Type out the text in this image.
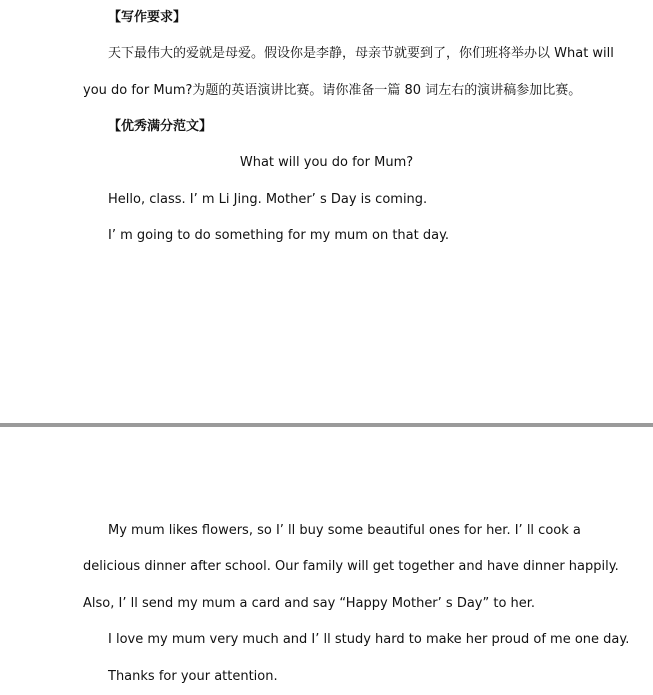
【写作要求】
天下最伟大的爱就是母爱。假设你是李静，母亲节就要到了，你们班将举办以 What will
you do for Mum?为题的英语演讲比赛。请你准备一篇 80 词左右的演讲稿参加比赛。
【优秀满分范文】
What will you do for Mum?
Hello, class. I’ m Li Jing. Mother’ s Day is coming.
I’ m going to do something for my mum on that day.
My mum likes flowers, so I’ ll buy some beautiful ones for her. I’ ll cook a
delicious dinner after school. Our family will get together and have dinner happily.
Also, I’ ll send my mum a card and say “Happy Mother’ s Day” to her.
I love my mum very much and I’ ll study hard to make her proud of me one day.
Thanks for your attention.
